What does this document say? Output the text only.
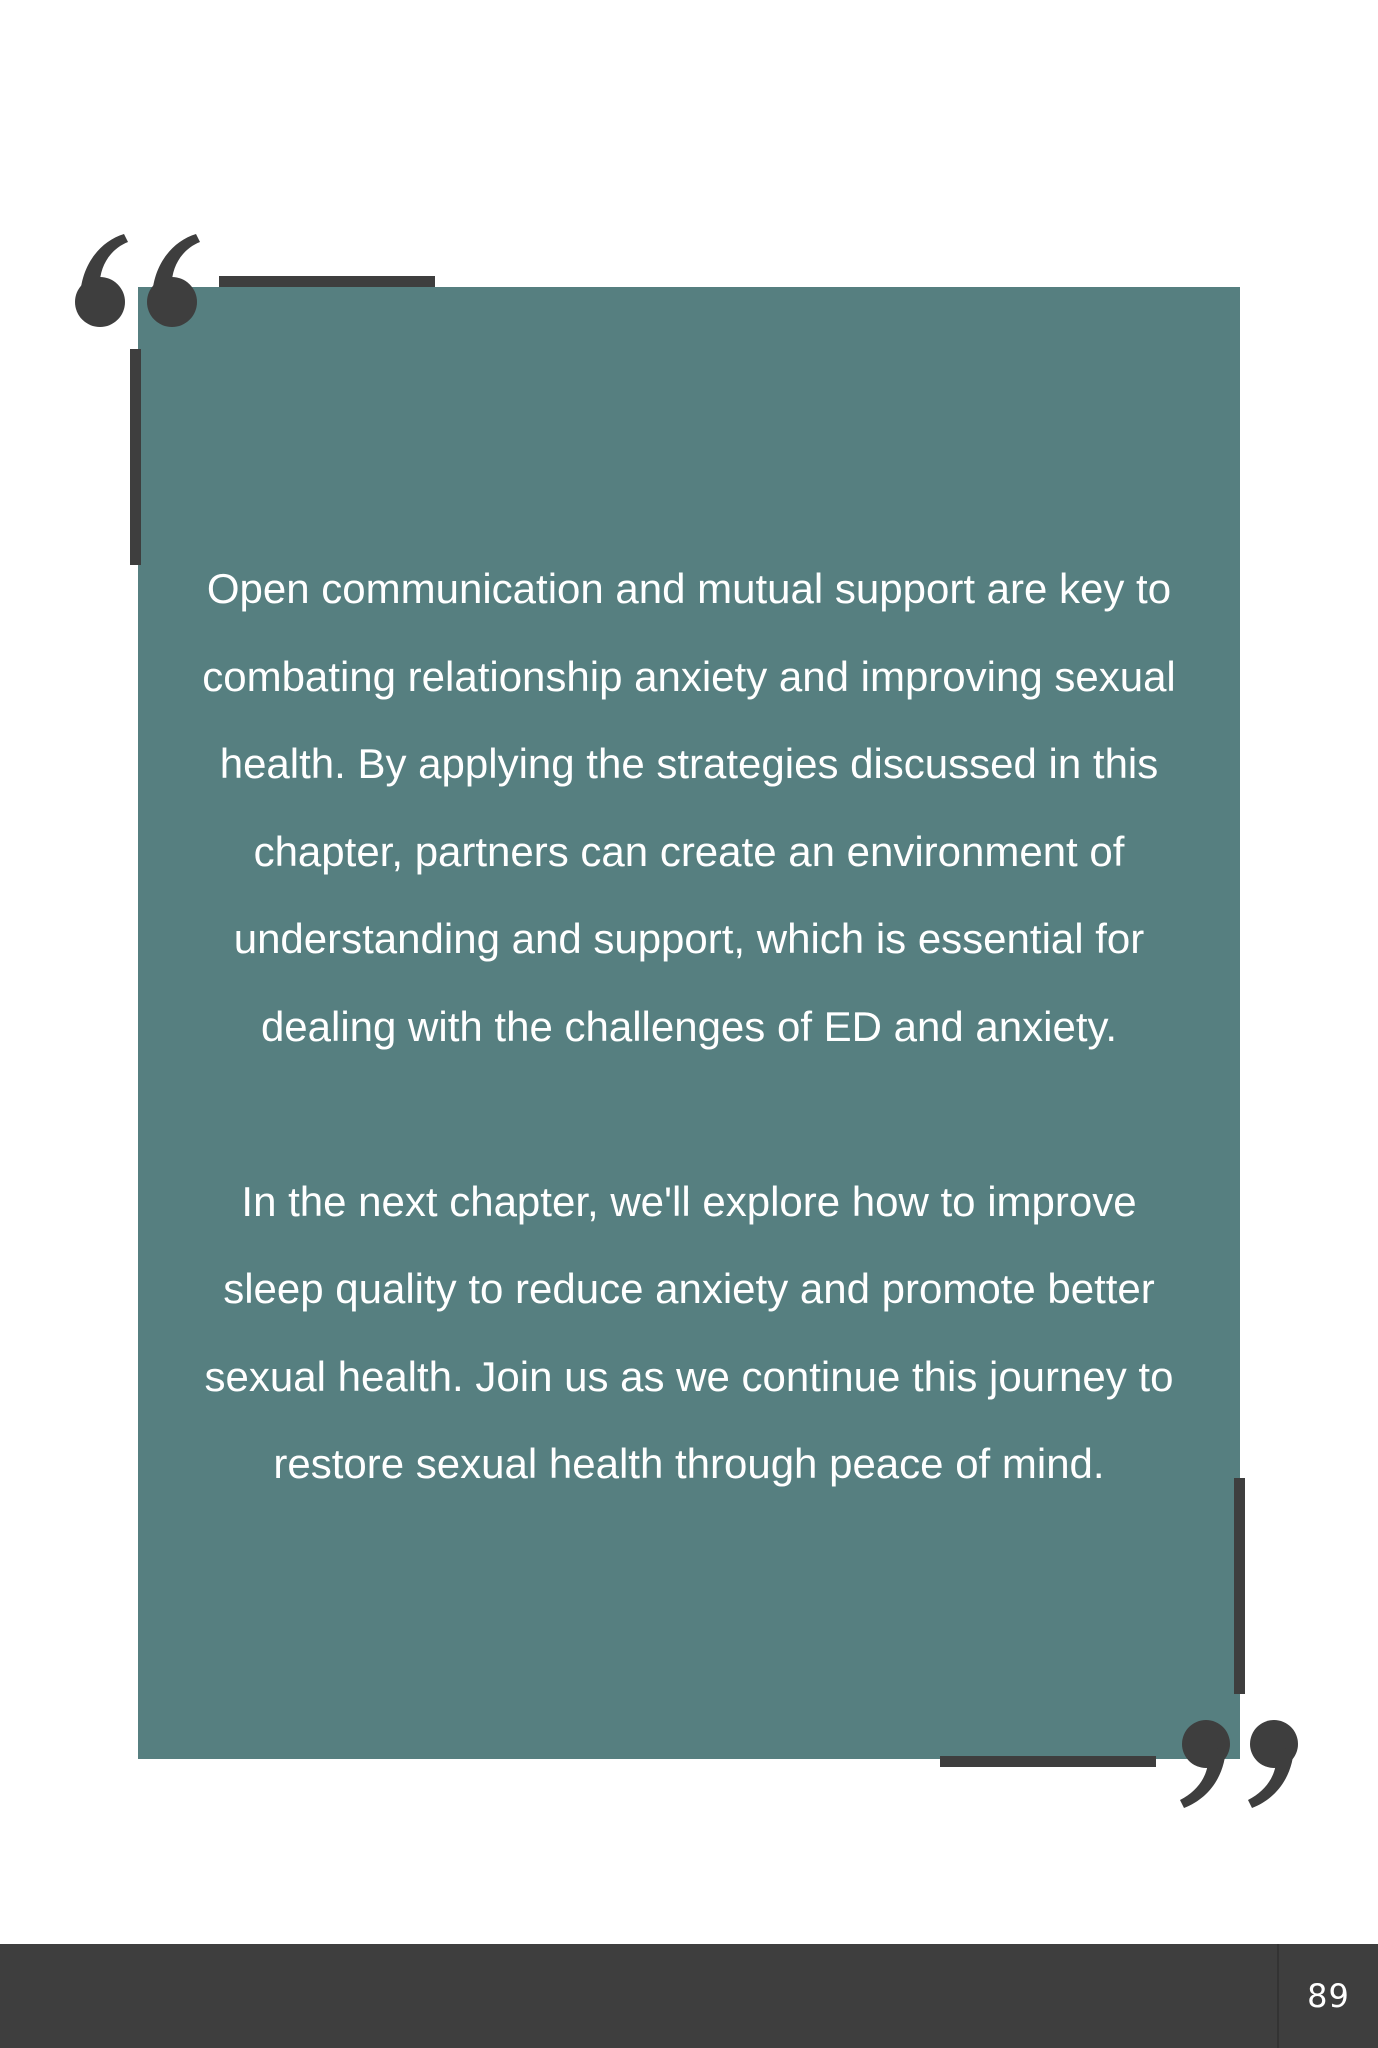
Open communication and mutual support are key to

combating relationship anxiety and improving sexual

health. By applying the strategies discussed in this

chapter, partners can create an environment of

understanding and support, which is essential for

dealing with the challenges of ED and anxiety.

In the next chapter, we'll explore how to improve

sleep quality to reduce anxiety and promote better

sexual health. Join us as we continue this journey to

restore sexual health through peace of mind.

89
